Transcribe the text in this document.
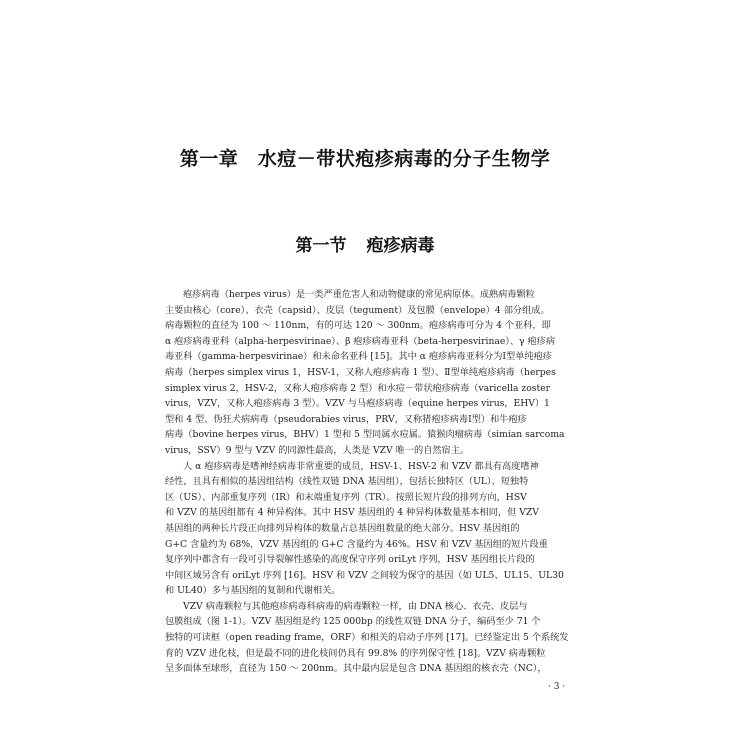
第一章　水痘－带状疱疹病毒的分子生物学
第一节 疱疹病毒

疱疹病毒（herpes virus）是一类严重危害人和动物健康的常见病原体。成熟病毒颗粒
主要由核心（core）、衣壳（capsid）、皮层（tegument）及包膜（envelope）4 部分组成。
病毒颗粒的直径为 100 ～ 110nm，有的可达 120 ～ 300nm。疱疹病毒可分为 4 个亚科，即
α 疱疹病毒亚科（alpha-herpesvirinae）、β 疱疹病毒亚科（beta-herpesvirinae）、γ 疱疹病
毒亚科（gamma-herpesvirinae）和未命名亚科 [15]。其中 α 疱疹病毒亚科分为Ⅰ型单纯疱疹
病毒（herpes simplex virus 1，HSV-1，又称人疱疹病毒 1 型）、Ⅱ型单纯疱疹病毒（herpes
simplex virus 2，HSV-2，又称人疱疹病毒 2 型）和水痘－带状疱疹病毒（varicella zoster
virus，VZV，又称人疱疹病毒 3 型）。VZV 与马疱疹病毒（equine herpes virus，EHV）1
型和 4 型、伪狂犬病病毒（pseudorabies virus，PRV，又称猪疱疹病毒Ⅰ型）和牛疱疹
病毒（bovine herpes virus，BHV）1 型和 5 型同属水痘属。猿猴肉瘤病毒（simian sarcoma
virus，SSV）9 型与 VZV 的同源性最高，人类是 VZV 唯一的自然宿主。

人 α 疱疹病毒是嗜神经病毒非常重要的成员，HSV-1、HSV-2 和 VZV 都具有高度嗜神
经性，且具有相似的基因组结构（线性双链 DNA 基因组），包括长独特区（UL）、短独特
区（US）、内部重复序列（IR）和末端重复序列（TR）。按照长短片段的排列方向，HSV
和 VZV 的基因组都有 4 种异构体。其中 HSV 基因组的 4 种异构体数量基本相同，但 VZV
基因组的两种长片段正向排列异构体的数量占总基因组数量的绝大部分。HSV 基因组的
G+C 含量约为 68%，VZV 基因组的 G+C 含量约为 46%。HSV 和 VZV 基因组的短片段重
复序列中都含有一段可引导裂解性感染的高度保守序列 oriLyt 序列，HSV 基因组长片段的
中间区域另含有 oriLyt 序列 [16]。HSV 和 VZV 之间较为保守的基因（如 UL5、UL15、UL30
和 UL40）多与基因组的复制和代谢相关。

VZV 病毒颗粒与其他疱疹病毒科病毒的病毒颗粒一样，由 DNA 核心、衣壳、皮层与
包膜组成（图 1-1）。VZV 基因组是约 125 000bp 的线性双链 DNA 分子，编码至少 71 个
独特的可读框（open reading frame，ORF）和相关的启动子序列 [17]。已经鉴定出 5 个系统发
育的 VZV 进化枝，但是最不同的进化枝间仍具有 99.8% 的序列保守性 [18]。VZV 病毒颗粒
呈多面体至球形，直径为 150 ～ 200nm。其中最内层是包含 DNA 基因组的核衣壳（NC），

· 3 ·
